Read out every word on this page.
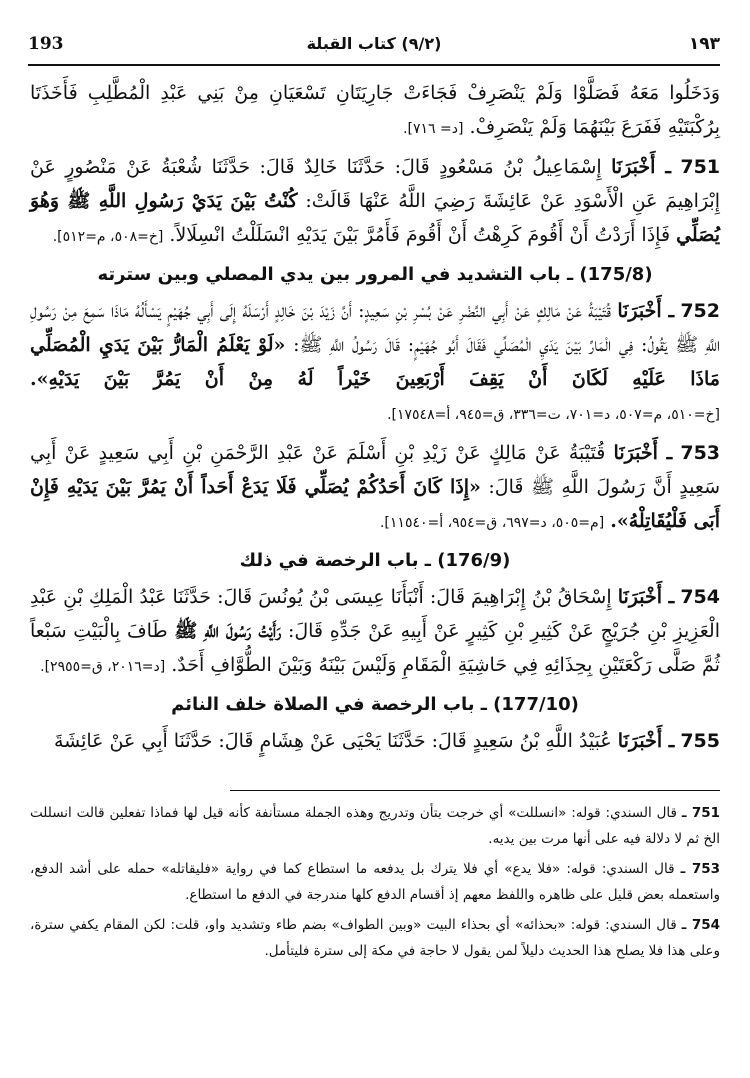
193	(٩/٢) كتاب القبلة	١٩٣

وَدَخَلُوا مَعَهُ فَصَلَّوْا وَلَمْ يَنْصَرِفْ فَجَاءَتْ جَارِيَتَانِ تَسْعَيَانِ مِنْ بَنِي عَبْدِ الْمُطَّلِبِ فَأَخَذَتَا بِرُكْبَتَيْهِ فَفَرَعَ بَيْنَهُمَا وَلَمْ يَنْصَرِفْ. [د= ٧١٦].

751 ـ أَخْبَرَنَا إِسْمَاعِيلُ بْنُ مَسْعُودٍ قَالَ: حَدَّثَنَا خَالِدٌ قَالَ: حَدَّثَنَا شُعْبَةُ عَنْ مَنْصُورٍ عَنْ إِبْرَاهِيمَ عَنِ الْأَسْوَدِ عَنْ عَائِشَةَ رَضِيَ اللَّهُ عَنْهَا قَالَتْ: كُنْتُ بَيْنَ يَدَيْ رَسُولِ اللَّهِ ﷺ وَهُوَ يُصَلِّي فَإِذَا أَرَدْتُ أَنْ أَقُومَ كَرِهْتُ أَنْ أَقُومَ فَأَمُرَّ بَيْنَ يَدَيْهِ انْسَلَلْتُ انْسِلَالاً. [خ=٥٠٨، م=٥١٢].

(175/8) ـ باب التشديد في المرور بين يدي المصلي وبين سترته

752 ـ أَخْبَرَنَا قُتَيْبَةُ عَنْ مَالِكٍ عَنْ أَبِي النَّضْرِ عَنْ بُسْرِ بْنِ سَعِيدٍ: أَنَّ زَيْدَ بْنَ خَالِدٍ أَرْسَلَهُ إِلَى أَبِي جُهَيْمٍ يَسْأَلُهُ مَاذَا سَمِعَ مِنْ رَسُولِ اللَّهِ ﷺ يَقُولُ: فِي الْمَارِّ بَيْنَ يَدَيِ الْمُصَلِّي فَقَالَ أَبُو جُهَيْمٍ: قَالَ رَسُولُ اللَّهِ ﷺ: «لَوْ يَعْلَمُ الْمَارُّ بَيْنَ يَدَيِ الْمُصَلِّي مَاذَا عَلَيْهِ لَكَانَ أَنْ يَقِفَ أَرْبَعِينَ خَيْراً لَهُ مِنْ أَنْ يَمُرَّ بَيْنَ يَدَيْهِ». [خ=٥١٠، م=٥٠٧، د=٧٠١، ت=٣٣٦، ق=٩٤٥، أ=١٧٥٤٨].

753 ـ أَخْبَرَنَا قُتَيْبَةُ عَنْ مَالِكٍ عَنْ زَيْدِ بْنِ أَسْلَمَ عَنْ عَبْدِ الرَّحْمَنِ بْنِ أَبِي سَعِيدٍ عَنْ أَبِي سَعِيدٍ أَنَّ رَسُولَ اللَّهِ ﷺ قَالَ: «إِذَا كَانَ أَحَدُكُمْ يُصَلِّي فَلَا يَدَعْ أَحَداً أَنْ يَمُرَّ بَيْنَ يَدَيْهِ فَإِنْ أَبَى فَلْيُقَاتِلْهُ». [م=٥٠٥، د=٦٩٧، ق=٩٥٤، أ=١١٥٤٠].

(176/9) ـ باب الرخصة في ذلك

754 ـ أَخْبَرَنَا إِسْحَاقُ بْنُ إِبْرَاهِيمَ قَالَ: أَنْبَأَنَا عِيسَى بْنُ يُونُسَ قَالَ: حَدَّثَنَا عَبْدُ الْمَلِكِ بْنِ عَبْدِ الْعَزِيزِ بْنِ جُرَيْجٍ عَنْ كَثِيرِ بْنِ كَثِيرٍ عَنْ أَبِيهِ عَنْ جَدِّهِ قَالَ: رَأَيْتُ رَسُولَ اللَّهِ ﷺ طَافَ بِالْبَيْتِ سَبْعاً ثُمَّ صَلَّى رَكْعَتَيْنِ بِحِذَائِهِ فِي حَاشِيَةِ الْمَقَامِ وَلَيْسَ بَيْنَهُ وَبَيْنَ الطُّوَّافِ أَحَدٌ. [د=٢٠١٦، ق=٢٩٥٥].

(177/10) ـ باب الرخصة في الصلاة خلف النائم

755 ـ أَخْبَرَنَا عُبَيْدُ اللَّهِ بْنُ سَعِيدٍ قَالَ: حَدَّثَنَا يَحْيَى عَنْ هِشَامٍ قَالَ: حَدَّثَنَا أَبِي عَنْ عَائِشَةَ

751 ـ قال السندي: قوله: «انسللت» أي خرجت بتأن وتدريج وهذه الجملة مستأنفة كأنه قيل لها فماذا تفعلين قالت انسللت الخ ثم لا دلالة فيه على أنها مرت بين يديه.

753 ـ قال السندي: قوله: «فلا يدع» أي فلا يترك بل يدفعه ما استطاع كما في رواية «فليقاتله» حمله على أشد الدفع، واستعمله بعض قليل على ظاهره واللفظ معهم إذ أقسام الدفع كلها مندرجة في الدفع ما استطاع.

754 ـ قال السندي: قوله: «بحذائه» أي بحذاء البيت «وبين الطواف» بضم طاء وتشديد واو، قلت: لكن المقام يكفي سترة، وعلى هذا فلا يصلح هذا الحديث دليلاً لمن يقول لا حاجة في مكة إلى سترة فليتأمل.
